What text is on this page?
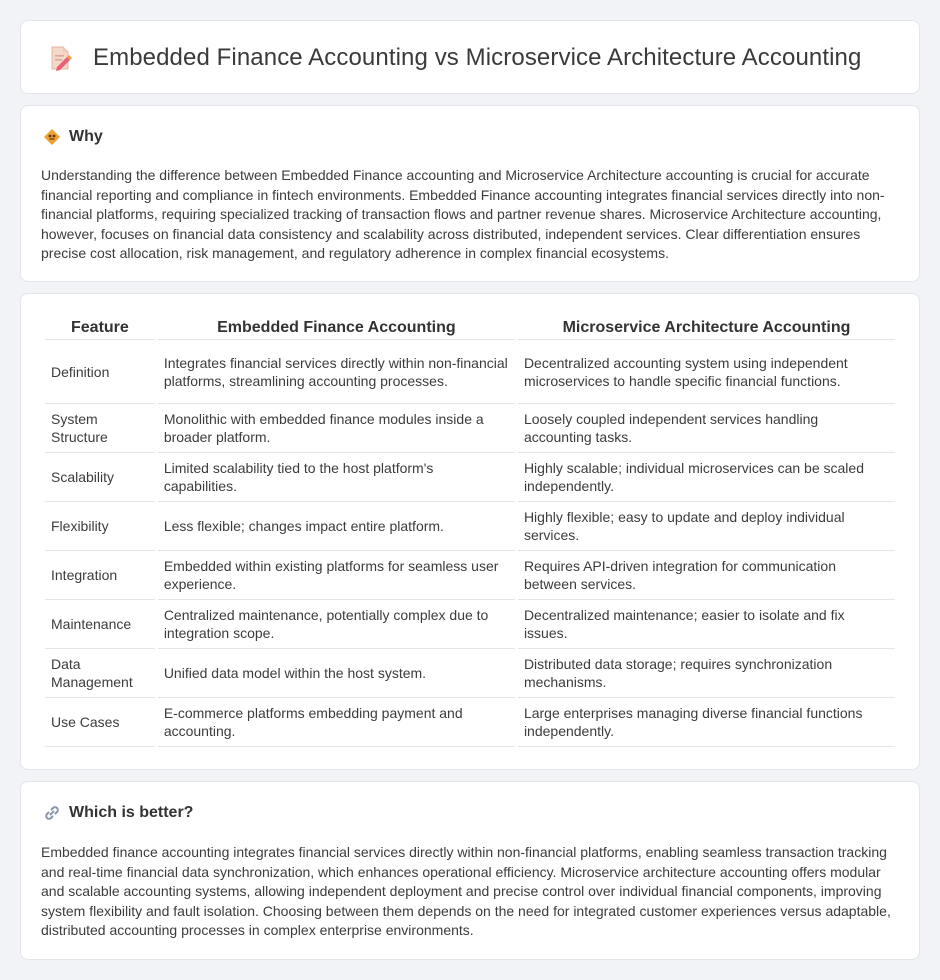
Embedded Finance Accounting vs Microservice Architecture Accounting
Why

Understanding the difference between Embedded Finance accounting and Microservice Architecture accounting is crucial for accurate financial reporting and compliance in fintech environments. Embedded Finance accounting integrates financial services directly into non-financial platforms, requiring specialized tracking of transaction flows and partner revenue shares. Microservice Architecture accounting, however, focuses on financial data consistency and scalability across distributed, independent services. Clear differentiation ensures precise cost allocation, risk management, and regulatory adherence in complex financial ecosystems.

Feature	Embedded Finance Accounting	Microservice Architecture Accounting
Definition	Integrates financial services directly within non-financial platforms, streamlining accounting processes.	Decentralized accounting system using independent microservices to handle specific financial functions.
System Structure	Monolithic with embedded finance modules inside a broader platform.	Loosely coupled independent services handling accounting tasks.
Scalability	Limited scalability tied to the host platform's capabilities.	Highly scalable; individual microservices can be scaled independently.
Flexibility	Less flexible; changes impact entire platform.	Highly flexible; easy to update and deploy individual services.
Integration	Embedded within existing platforms for seamless user experience.	Requires API-driven integration for communication between services.
Maintenance	Centralized maintenance, potentially complex due to integration scope.	Decentralized maintenance; easier to isolate and fix issues.
Data Management	Unified data model within the host system.	Distributed data storage; requires synchronization mechanisms.
Use Cases	E-commerce platforms embedding payment and accounting.	Large enterprises managing diverse financial functions independently.
Which is better?

Embedded finance accounting integrates financial services directly within non-financial platforms, enabling seamless transaction tracking and real-time financial data synchronization, which enhances operational efficiency. Microservice architecture accounting offers modular and scalable accounting systems, allowing independent deployment and precise control over individual financial components, improving system flexibility and fault isolation. Choosing between them depends on the need for integrated customer experiences versus adaptable, distributed accounting processes in complex enterprise environments.
